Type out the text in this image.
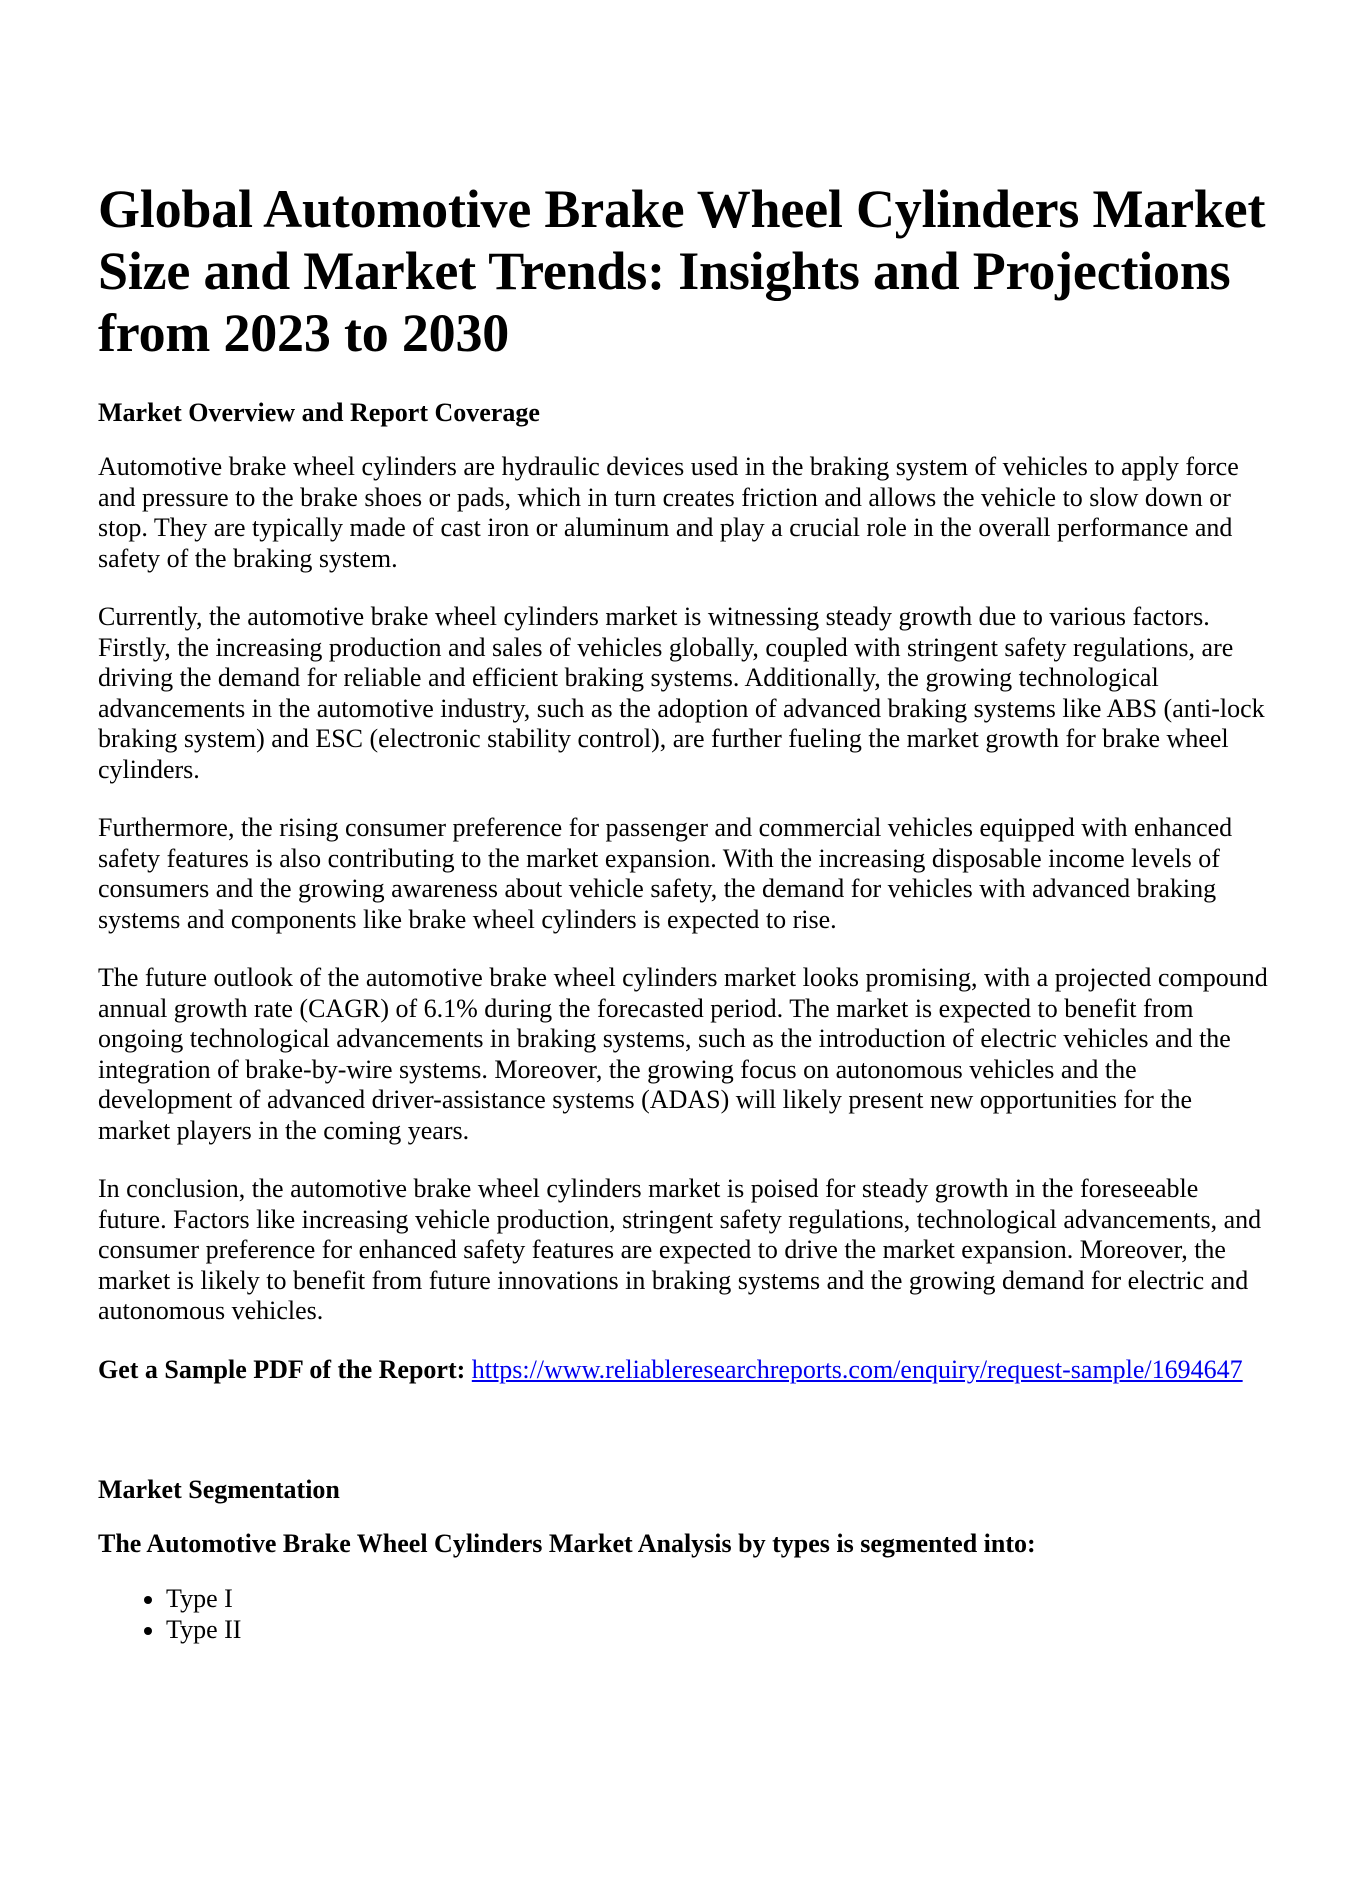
Global Automotive Brake Wheel Cylinders Market Size and Market Trends: Insights and Projections from 2023 to 2030
Market Overview and Report Coverage

Automotive brake wheel cylinders are hydraulic devices used in the braking system of vehicles to apply force and pressure to the brake shoes or pads, which in turn creates friction and allows the vehicle to slow down or stop. They are typically made of cast iron or aluminum and play a crucial role in the overall performance and safety of the braking system.

Currently, the automotive brake wheel cylinders market is witnessing steady growth due to various factors. Firstly, the increasing production and sales of vehicles globally, coupled with stringent safety regulations, are driving the demand for reliable and efficient braking systems. Additionally, the growing technological advancements in the automotive industry, such as the adoption of advanced braking systems like ABS (anti-lock braking system) and ESC (electronic stability control), are further fueling the market growth for brake wheel cylinders.

Furthermore, the rising consumer preference for passenger and commercial vehicles equipped with enhanced safety features is also contributing to the market expansion. With the increasing disposable income levels of consumers and the growing awareness about vehicle safety, the demand for vehicles with advanced braking systems and components like brake wheel cylinders is expected to rise.

The future outlook of the automotive brake wheel cylinders market looks promising, with a projected compound annual growth rate (CAGR) of 6.1% during the forecasted period. The market is expected to benefit from ongoing technological advancements in braking systems, such as the introduction of electric vehicles and the integration of brake-by-wire systems. Moreover, the growing focus on autonomous vehicles and the development of advanced driver-assistance systems (ADAS) will likely present new opportunities for the market players in the coming years.

In conclusion, the automotive brake wheel cylinders market is poised for steady growth in the foreseeable future. Factors like increasing vehicle production, stringent safety regulations, technological advancements, and consumer preference for enhanced safety features are expected to drive the market expansion. Moreover, the market is likely to benefit from future innovations in braking systems and the growing demand for electric and autonomous vehicles.

Get a Sample PDF of the Report: https://www.reliableresearchreports.com/enquiry/request-sample/1694647

Market Segmentation
The Automotive Brake Wheel Cylinders Market Analysis by types is segmented into:
• Type I
• Type II
